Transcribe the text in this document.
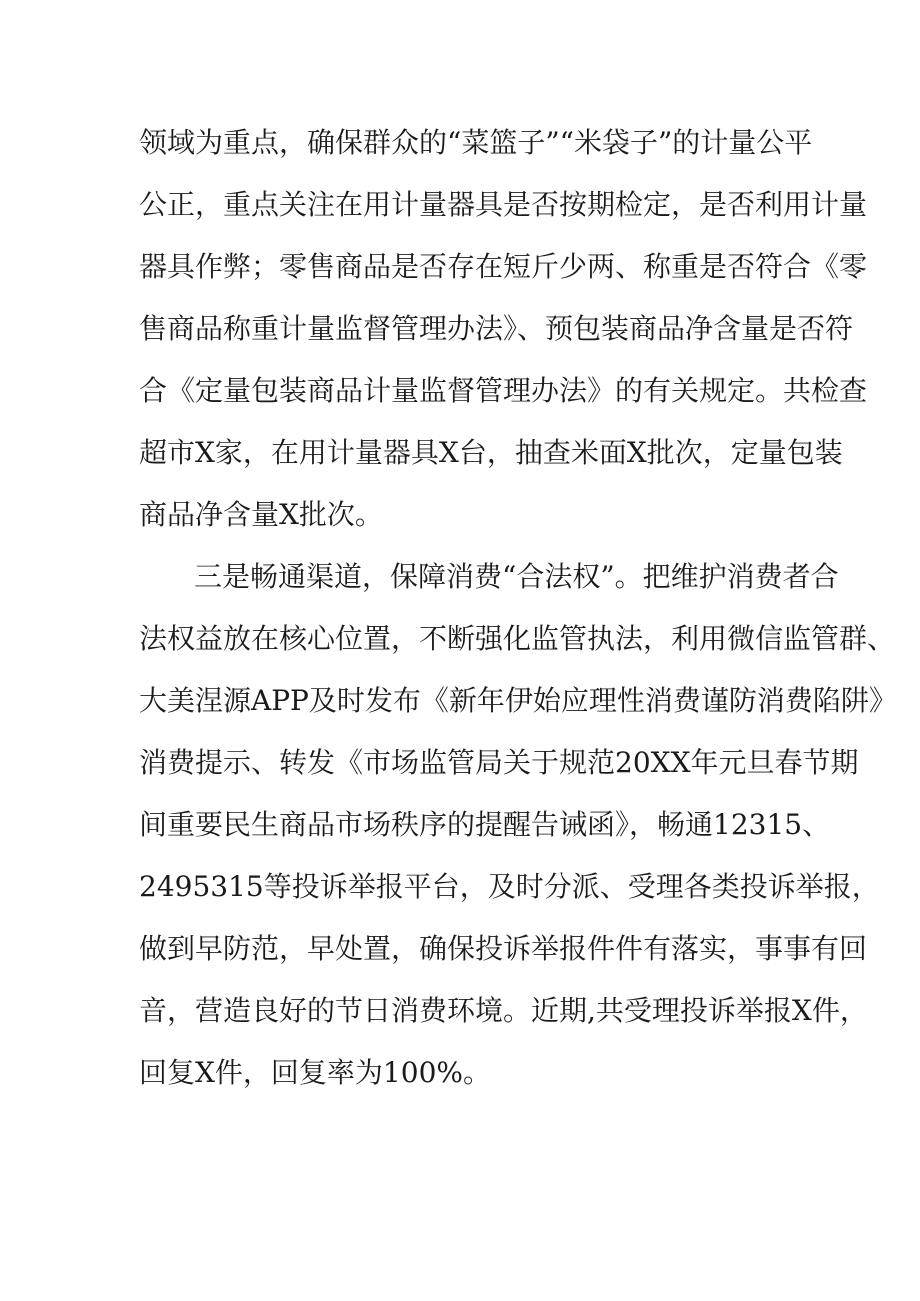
领域为重点，确保群众的“菜篮子”“米袋子”的计量公平
公正，重点关注在用计量器具是否按期检定，是否利用计量
器具作弊；零售商品是否存在短斤少两、称重是否符合《零
售商品称重计量监督管理办法》、预包装商品净含量是否符
合《定量包装商品计量监督管理办法》的有关规定。共检查
超市X家，在用计量器具X台，抽查米面X批次，定量包装
商品净含量X批次。
三是畅通渠道，保障消费“合法权”。把维护消费者合
法权益放在核心位置，不断强化监管执法，利用微信监管群、
大美涅源APP及时发布《新年伊始应理性消费谨防消费陷阱》
消费提示、转发《市场监管局关于规范20XX年元旦春节期
间重要民生商品市场秩序的提醒告诫函》，畅通12315、
2495315等投诉举报平台，及时分派、受理各类投诉举报，
做到早防范，早处置，确保投诉举报件件有落实，事事有回
音，营造良好的节日消费环境。近期,共受理投诉举报X件，
回复X件，回复率为100%。
